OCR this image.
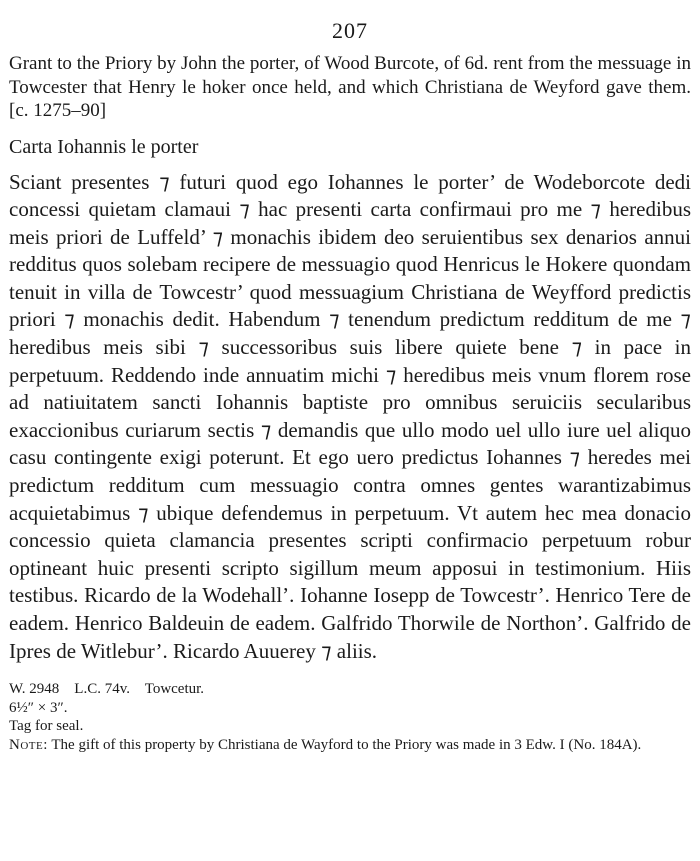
207

Grant to the Priory by John the porter, of Wood Burcote, of 6d. rent from the messuage in Towcester that Henry le hoker once held, and which Christiana de Weyford gave them. [c. 1275–90]

Carta Iohannis le porter

Sciant presentes ⁊ futuri quod ego Iohannes le porter’ de Wodeborcote dedi concessi quietam clamaui ⁊ hac presenti carta confirmaui pro me ⁊ heredibus meis priori de Luffeld’ ⁊ monachis ibidem deo seruientibus sex denarios annui redditus quos solebam recipere de messuagio quod Henricus le Hokere quondam tenuit in villa de Towcestr’ quod messuagium Christiana de Weyfford predictis priori ⁊ monachis dedit. Habendum ⁊ tenendum predictum redditum de me ⁊ heredibus meis sibi ⁊ successoribus suis libere quiete bene ⁊ in pace in perpetuum. Reddendo inde annuatim michi ⁊ heredibus meis vnum florem rose ad natiuitatem sancti Iohannis baptiste pro omnibus seruiciis secularibus exaccionibus curiarum sectis ⁊ demandis que ullo modo uel ullo iure uel aliquo casu contingente exigi poterunt. Et ego uero predictus Iohannes ⁊ heredes mei predictum redditum cum messuagio contra omnes gentes warantizabimus acquietabimus ⁊ ubique defendemus in perpetuum. Vt autem hec mea donacio concessio quieta clamancia presentes scripti confirmacio perpetuum robur optineant huic presenti scripto sigillum meum apposui in testimonium. Hiis testibus. Ricardo de la Wodehall’. Iohanne Iosepp de Towcestr’. Henrico Tere de eadem. Henrico Baldeuin de eadem. Galfrido Thorwile de Northon’. Galfrido de Ipres de Witlebur’. Ricardo Auuerey ⁊ aliis.

W. 2948    L.C. 74v.    Towcetur.
6½″ × 3″.
Tag for seal.
Note: The gift of this property by Christiana de Wayford to the Priory was made in 3 Edw. I (No. 184A).
